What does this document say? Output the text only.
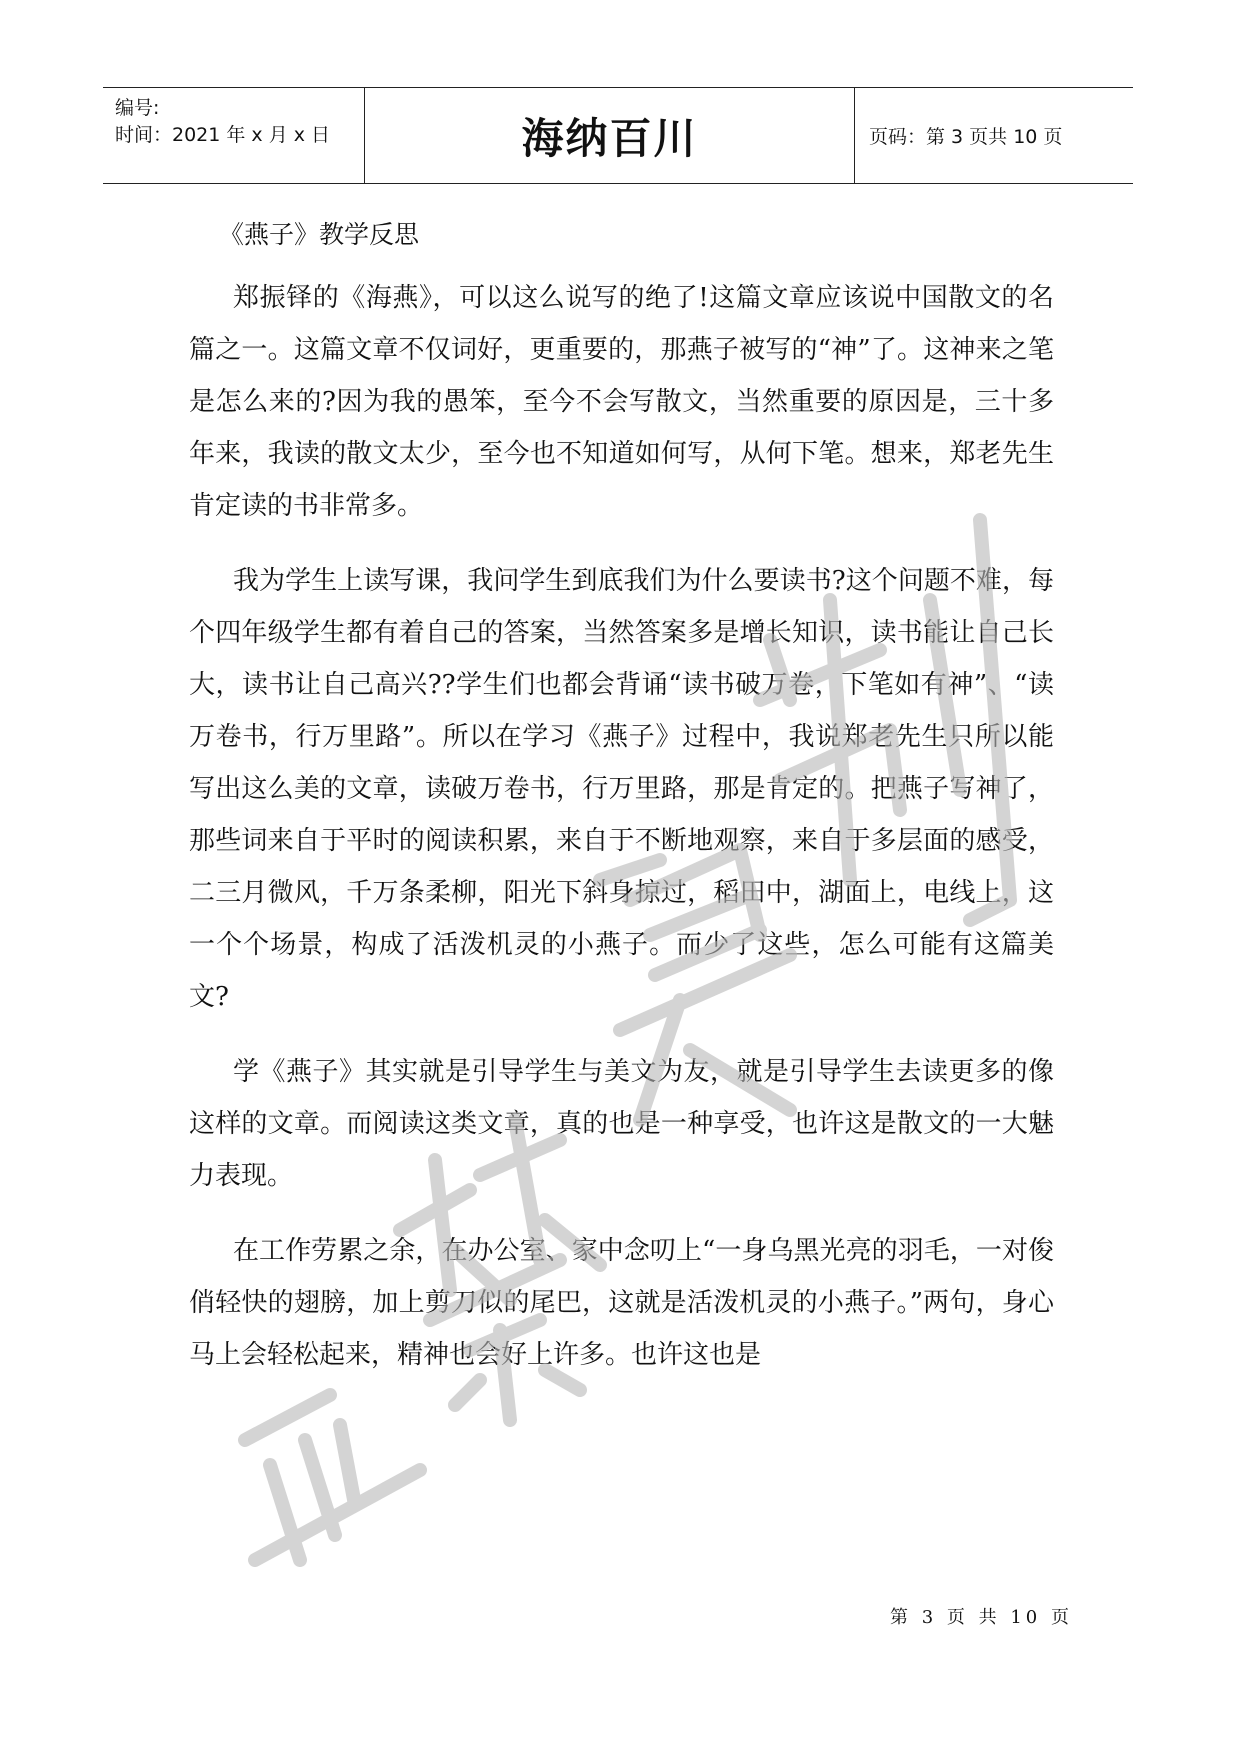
编号:
时间：2021 年 x 月 x 日	海纳百川	页码：第 3 页共 10 页
《燕子》教学反思
郑振铎的《海燕》，可以这么说写的绝了!这篇文章应该说中国散文的名篇之一。这篇文章不仅词好，更重要的，那燕子被写的“神”了。这神来之笔是怎么来的?因为我的愚笨，至今不会写散文，当然重要的原因是，三十多年来，我读的散文太少，至今也不知道如何写，从何下笔。想来，郑老先生肯定读的书非常多。
我为学生上读写课，我问学生到底我们为什么要读书?这个问题不难，每个四年级学生都有着自己的答案，当然答案多是增长知识，读书能让自己长大，读书让自己高兴??学生们也都会背诵“读书破万卷，下笔如有神”、“读万卷书，行万里路”。所以在学习《燕子》过程中，我说郑老先生只所以能写出这么美的文章，读破万卷书，行万里路，那是肯定的。把燕子写神了，那些词来自于平时的阅读积累，来自于不断地观察，来自于多层面的感受，二三月微风，千万条柔柳，阳光下斜身掠过，稻田中，湖面上，电线上，这一个个场景，构成了活泼机灵的小燕子。而少了这些，怎么可能有这篇美文?
学《燕子》其实就是引导学生与美文为友，就是引导学生去读更多的像这样的文章。而阅读这类文章，真的也是一种享受，也许这是散文的一大魅力表现。
在工作劳累之余，在办公室、家中念叨上“一身乌黑光亮的羽毛，一对俊俏轻快的翅膀，加上剪刀似的尾巴，这就是活泼机灵的小燕子。”两句，身心马上会轻松起来，精神也会好上许多。也许这也是
第 3 页 共 10 页
